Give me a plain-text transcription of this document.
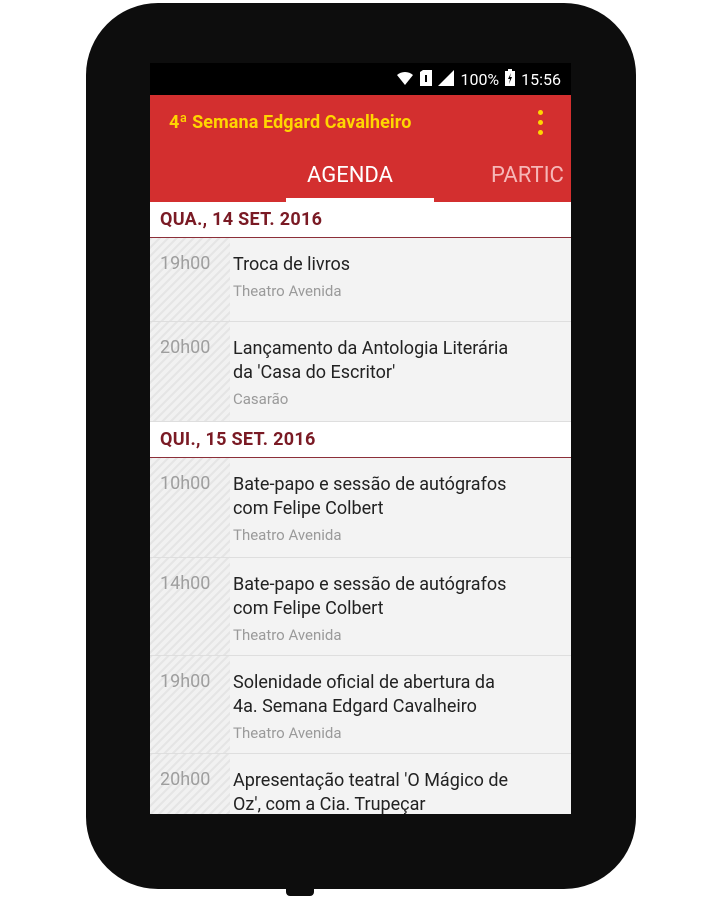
100% 15:56
4ª Semana Edgard Cavalheiro
AGENDA	PARTIC
QUA., 14 SET. 2016
19h00 Troca de livros
Theatro Avenida
20h00 Lançamento da Antologia Literária
da 'Casa do Escritor'
Casarão
QUI., 15 SET. 2016
10h00 Bate-papo e sessão de autógrafos
com Felipe Colbert
Theatro Avenida
14h00 Bate-papo e sessão de autógrafos
com Felipe Colbert
Theatro Avenida
19h00 Solenidade oficial de abertura da
4a. Semana Edgard Cavalheiro
Theatro Avenida
20h00 Apresentação teatral 'O Mágico de
Oz', com a Cia. Trupeçar
